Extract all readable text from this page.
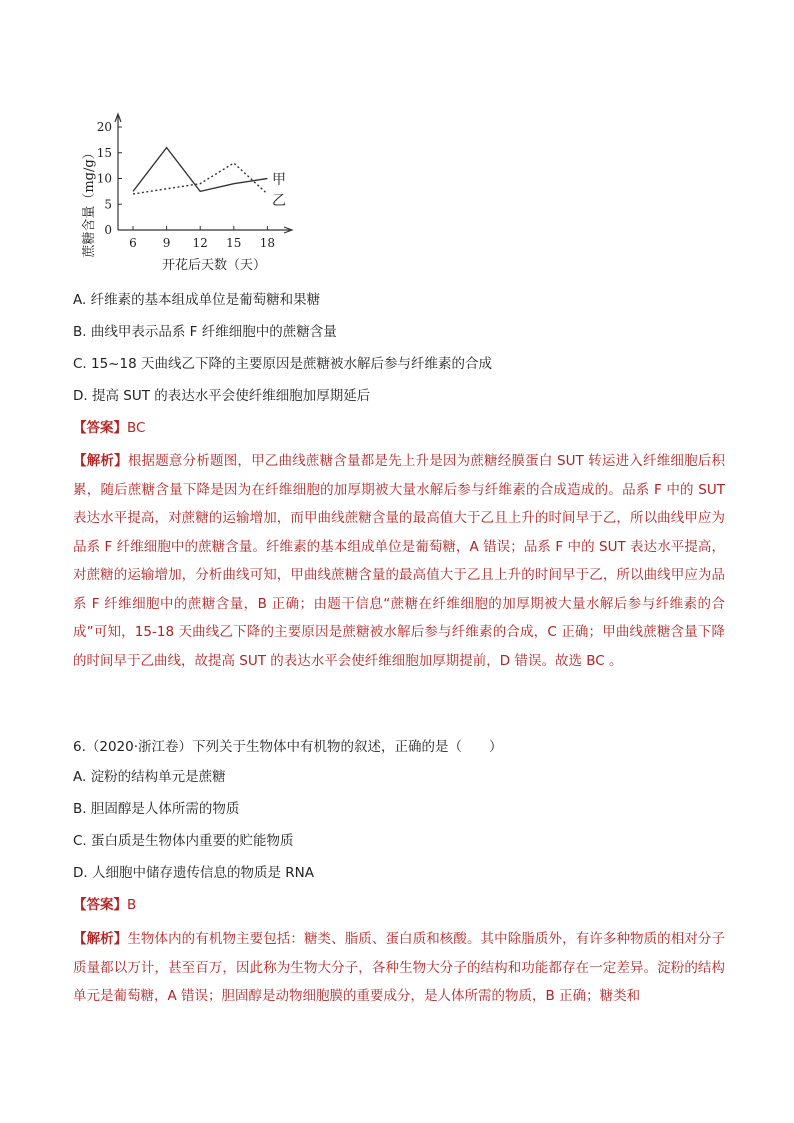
0
5
10
15
20
6 9 12 15 18
蔗糖含量（mg/g）
开花后天数（天）
甲
乙
A. 纤维素的基本组成单位是葡萄糖和果糖
B. 曲线甲表示品系 F 纤维细胞中的蔗糖含量
C. 15~18 天曲线乙下降的主要原因是蔗糖被水解后参与纤维素的合成
D. 提高 SUT 的表达水平会使纤维细胞加厚期延后
【答案】BC
【解析】根据题意分析题图，甲乙曲线蔗糖含量都是先上升是因为蔗糖经膜蛋白 SUT 转运进入纤维细胞后积累，随后蔗糖含量下降是因为在纤维细胞的加厚期被大量水解后参与纤维素的合成造成的。品系 F 中的 SUT 表达水平提高，对蔗糖的运输增加，而甲曲线蔗糖含量的最高值大于乙且上升的时间早于乙，所以曲线甲应为品系 F 纤维细胞中的蔗糖含量。纤维素的基本组成单位是葡萄糖，A 错误；品系 F 中的 SUT 表达水平提高，对蔗糖的运输增加，分析曲线可知，甲曲线蔗糖含量的最高值大于乙且上升的时间早于乙，所以曲线甲应为品系 F 纤维细胞中的蔗糖含量，B 正确；由题干信息“蔗糖在纤维细胞的加厚期被大量水解后参与纤维素的合成”可知，15-18 天曲线乙下降的主要原因是蔗糖被水解后参与纤维素的合成，C 正确；甲曲线蔗糖含量下降的时间早于乙曲线，故提高 SUT 的表达水平会使纤维细胞加厚期提前，D 错误。故选 BC 。
6.（2020·浙江卷）下列关于生物体中有机物的叙述，正确的是（　　）
A. 淀粉的结构单元是蔗糖
B. 胆固醇是人体所需的物质
C. 蛋白质是生物体内重要的贮能物质
D. 人细胞中储存遗传信息的物质是 RNA
【答案】B
【解析】生物体内的有机物主要包括：糖类、脂质、蛋白质和核酸。其中除脂质外，有许多种物质的相对分子质量都以万计，甚至百万，因此称为生物大分子，各种生物大分子的结构和功能都存在一定差异。淀粉的结构单元是葡萄糖，A 错误；胆固醇是动物细胞膜的重要成分，是人体所需的物质，B 正确；糖类和
